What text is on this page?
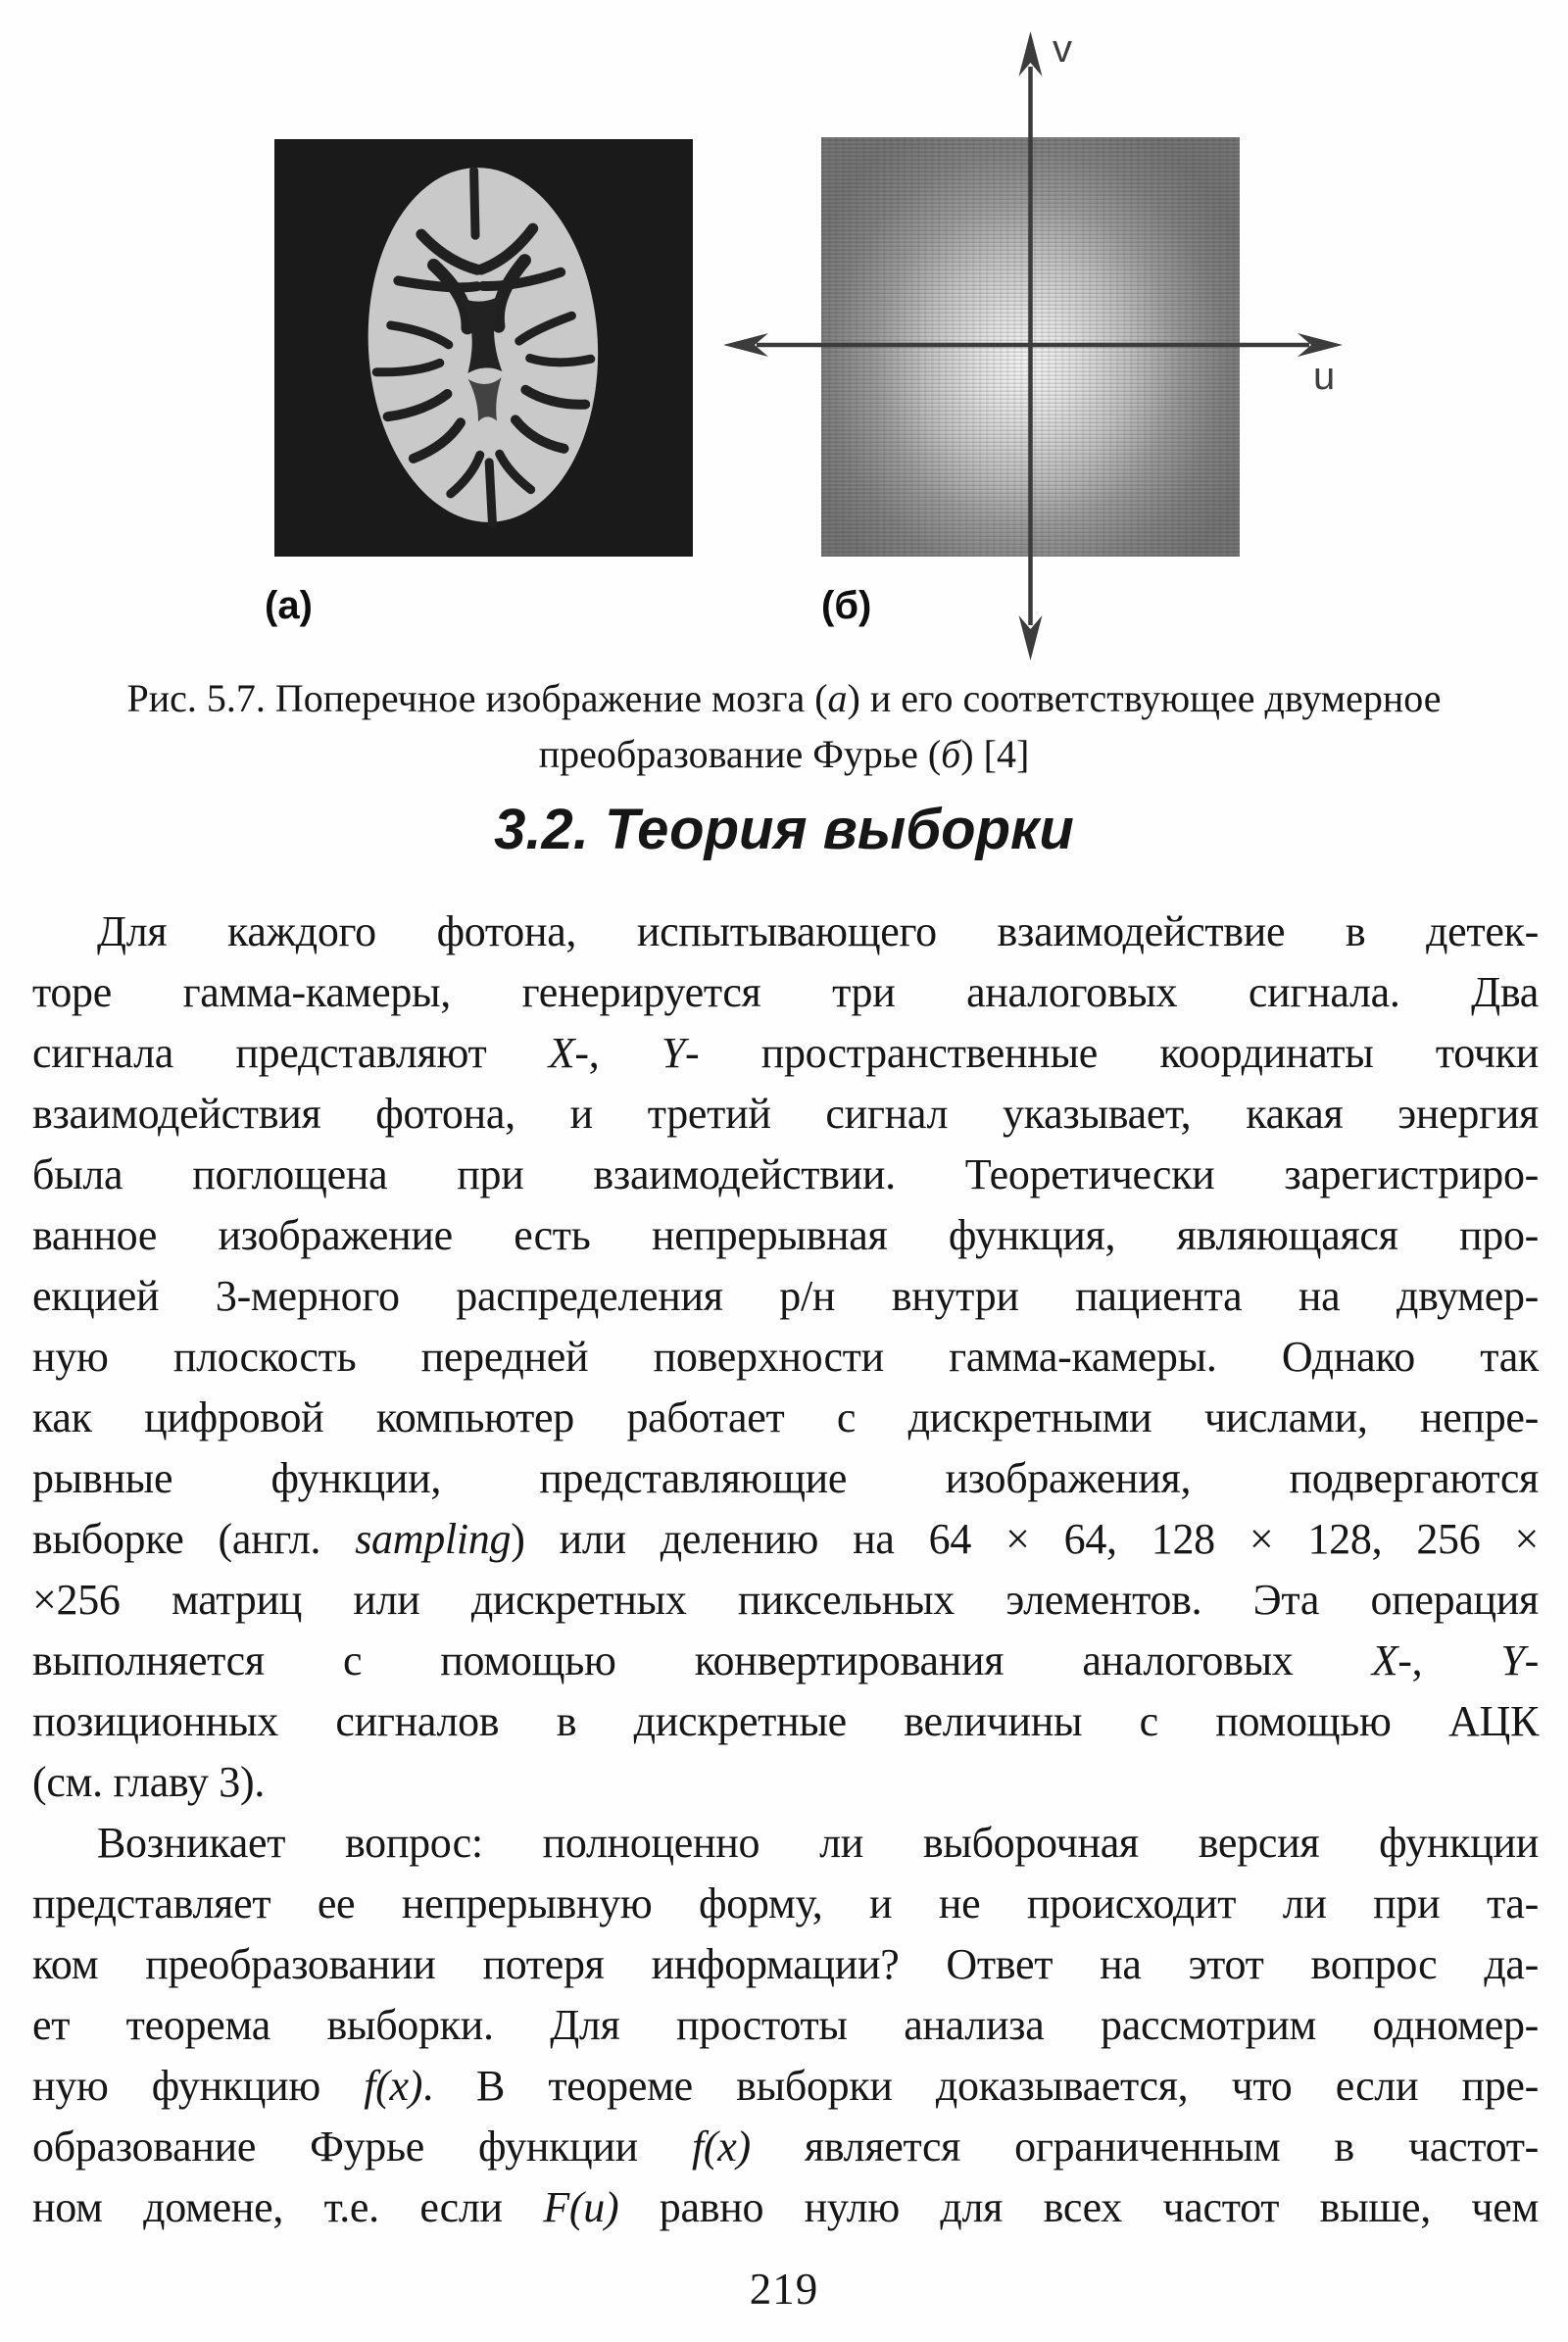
v
u
(a)	(б)
Рис. 5.7. Поперечное изображение мозга (а) и его соответствующее двумерное
преобразование Фурье (б) [4]
3.2. Теория выборки
Для каждого фотона, испытывающего взаимодействие в детек-
торе гамма-камеры, генерируется три аналоговых сигнала. Два
сигнала представляют X-, Y- пространственные координаты точки
взаимодействия фотона, и третий сигнал указывает, какая энергия
была поглощена при взаимодействии. Теоретически зарегистриро-
ванное изображение есть непрерывная функция, являющаяся про-
екцией 3-мерного распределения р/н внутри пациента на двумер-
ную плоскость передней поверхности гамма-камеры. Однако так
как цифровой компьютер работает с дискретными числами, непре-
рывные функции, представляющие изображения, подвергаются
выборке (англ. sampling) или делению на 64 × 64, 128 × 128, 256 ×
×256 матриц или дискретных пиксельных элементов. Эта операция
выполняется с помощью конвертирования аналоговых X-, Y-
позиционных сигналов в дискретные величины с помощью АЦК
(см. главу 3).
Возникает вопрос: полноценно ли выборочная версия функции
представляет ее непрерывную форму, и не происходит ли при та-
ком преобразовании потеря информации? Ответ на этот вопрос да-
ет теорема выборки. Для простоты анализа рассмотрим одномер-
ную функцию f(x). В теореме выборки доказывается, что если пре-
образование Фурье функции f(x) является ограниченным в частот-
ном домене, т.е. если F(u) равно нулю для всех частот выше, чем
219
